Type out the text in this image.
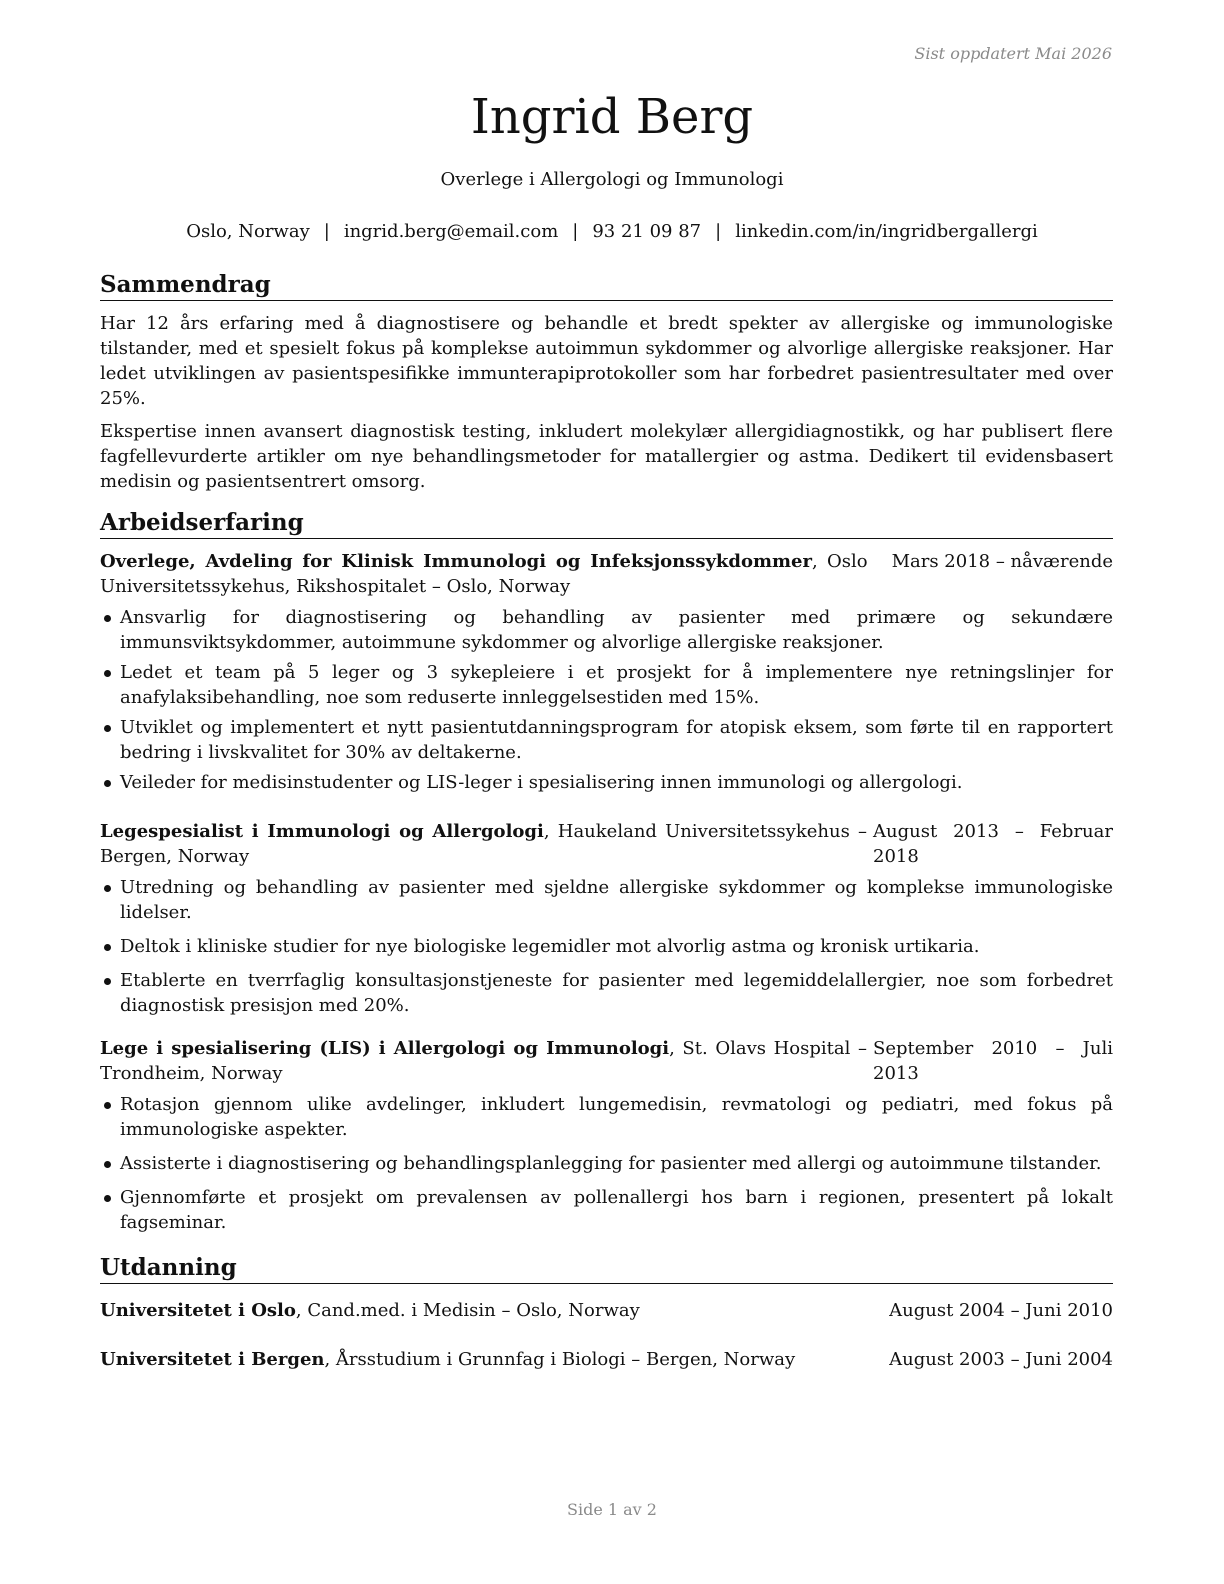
Sist oppdatert Mai 2026
Ingrid Berg
Overlege i Allergologi og Immunologi
Oslo, Norway | ingrid.berg@email.com | 93 21 09 87 | linkedin.com/in/ingridbergallergi
Sammendrag

Har 12 års erfaring med å diagnostisere og behandle et bredt spekter av allergiske og immunologiske tilstander, med et spesielt fokus på komplekse autoimmun sykdommer og alvorlige allergiske reaksjoner. Har ledet utviklingen av pasientspesifikke immunterapiprotokoller som har forbedret pasientresultater med over 25%.

Ekspertise innen avansert diagnostisk testing, inkludert molekylær allergidiagnostikk, og har publisert flere fagfellevurderte artikler om nye behandlingsmetoder for matallergier og astma. Dedikert til evidensbasert medisin og pasientsentrert omsorg.

Arbeidserfaring
Overlege, Avdeling for Klinisk Immunologi og Infeksjonssykdommer, Oslo Universitetssykehus, Rikshospitalet – Oslo, Norway
Mars 2018 – nåværende
Ansvarlig for diagnostisering og behandling av pasienter med primære og sekundære immunsviktsykdommer, autoimmune sykdommer og alvorlige allergiske reaksjoner.
Ledet et team på 5 leger og 3 sykepleiere i et prosjekt for å implementere nye retningslinjer for anafylaksibehandling, noe som reduserte innleggelsestiden med 15%.
Utviklet og implementert et nytt pasientutdanningsprogram for atopisk eksem, som førte til en rapportert bedring i livskvalitet for 30% av deltakerne.
Veileder for medisinstudenter og LIS-leger i spesialisering innen immunologi og allergologi.
Legespesialist i Immunologi og Allergologi, Haukeland Universitetssykehus – Bergen, Norway
August 2013 – Februar 2018
Utredning og behandling av pasienter med sjeldne allergiske sykdommer og komplekse immunologiske lidelser.
Deltok i kliniske studier for nye biologiske legemidler mot alvorlig astma og kronisk urtikaria.
Etablerte en tverrfaglig konsultasjonstjeneste for pasienter med legemiddelallergier, noe som forbedret diagnostisk presisjon med 20%.
Lege i spesialisering (LIS) i Allergologi og Immunologi, St. Olavs Hospital – Trondheim, Norway
September 2010 – Juli 2013
Rotasjon gjennom ulike avdelinger, inkludert lungemedisin, revmatologi og pediatri, med fokus på immunologiske aspekter.
Assisterte i diagnostisering og behandlingsplanlegging for pasienter med allergi og autoimmune tilstander.
Gjennomførte et prosjekt om prevalensen av pollenallergi hos barn i regionen, presentert på lokalt fagseminar.
Utdanning
Universitetet i Oslo, Cand.med. i Medisin – Oslo, Norway	August 2004 – Juni 2010
Universitetet i Bergen, Årsstudium i Grunnfag i Biologi – Bergen, Norway	August 2003 – Juni 2004
Side 1 av 2
